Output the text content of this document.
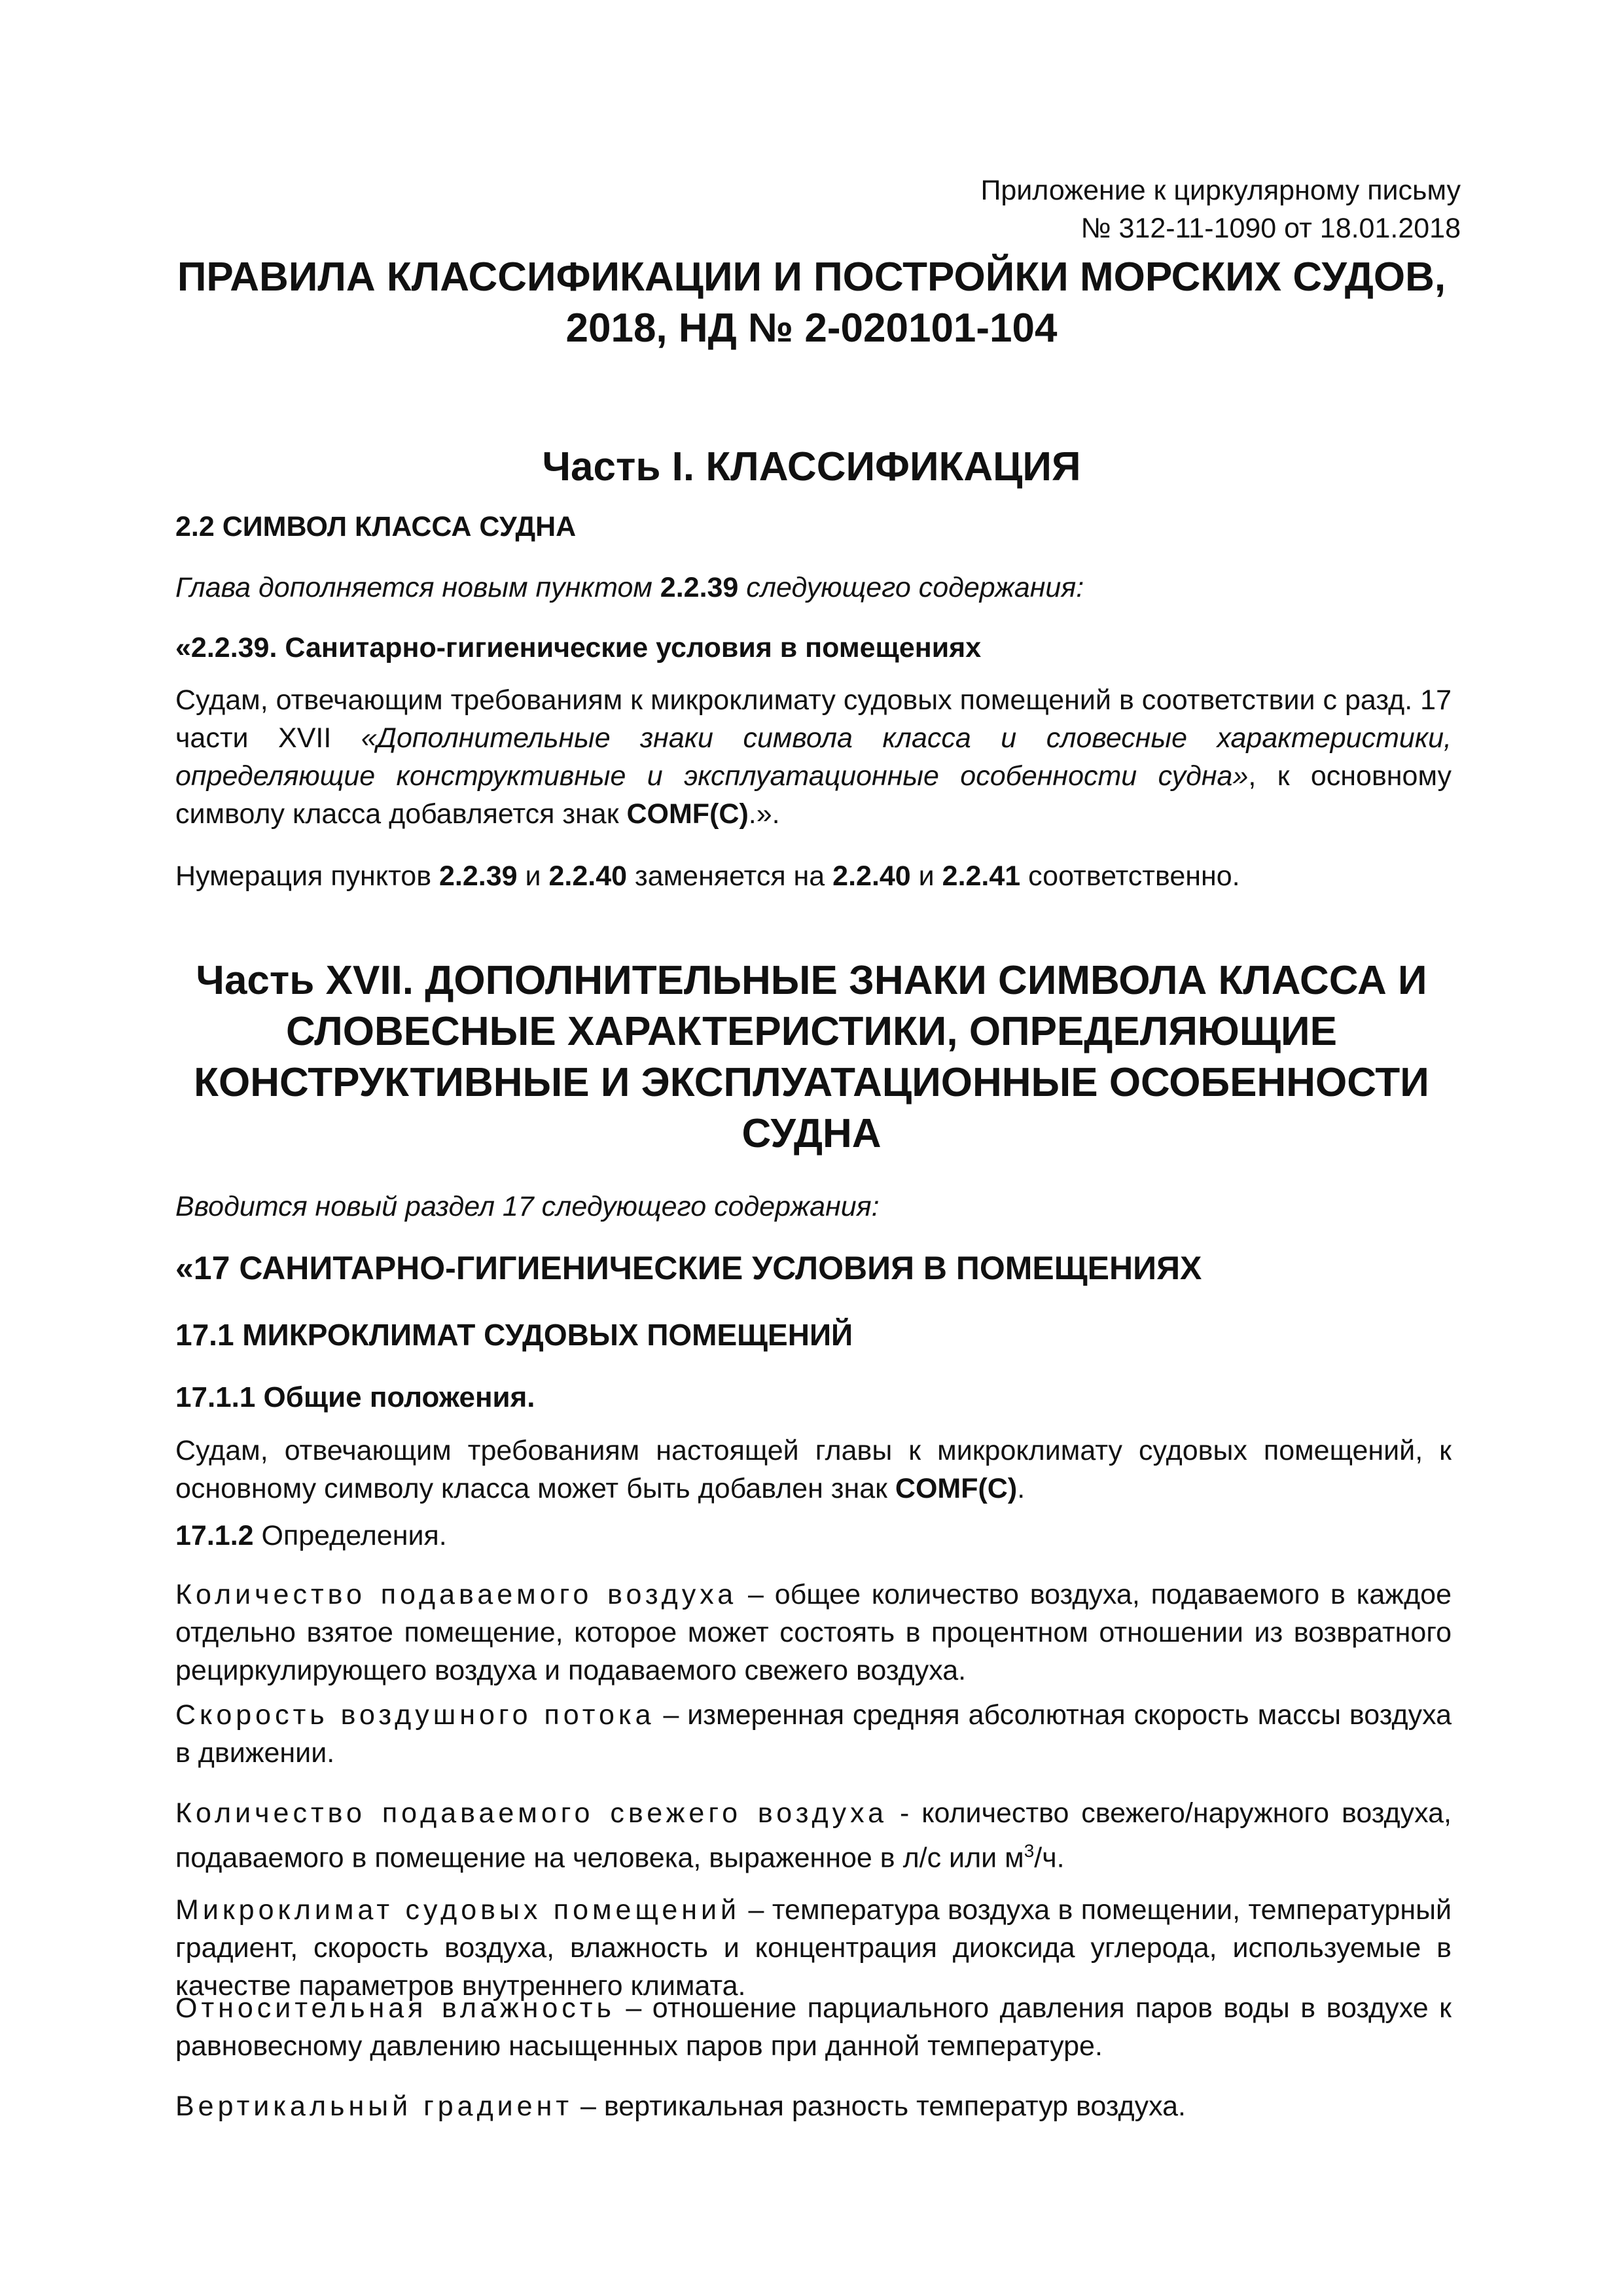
Приложение к циркулярному письму
№ 312-11-1090 от 18.01.2018
ПРАВИЛА КЛАССИФИКАЦИИ И ПОСТРОЙКИ МОРСКИХ СУДОВ,
2018, НД № 2-020101-104
Часть I. КЛАССИФИКАЦИЯ
2.2 СИМВОЛ КЛАССА СУДНА

Глава дополняется новым пунктом 2.2.39 следующего содержания:

«2.2.39. Санитарно-гигиенические условия в помещениях

Судам, отвечающим требованиям к микроклимату судовых помещений в соответствии с разд. 17 части XVII «Дополнительные знаки символа класса и словесные характеристики, определяющие конструктивные и эксплуатационные особенности судна», к основному символу класса добавляется знак COMF(C).».

Нумерация пунктов 2.2.39 и 2.2.40 заменяется на 2.2.40 и 2.2.41 соответственно.

Часть XVII. ДОПОЛНИТЕЛЬНЫЕ ЗНАКИ СИМВОЛА КЛАССА И
СЛОВЕСНЫЕ ХАРАКТЕРИСТИКИ, ОПРЕДЕЛЯЮЩИЕ
КОНСТРУКТИВНЫЕ И ЭКСПЛУАТАЦИОННЫЕ ОСОБЕННОСТИ
СУДНА

Вводится новый раздел 17 следующего содержания:

«17 САНИТАРНО-ГИГИЕНИЧЕСКИЕ УСЛОВИЯ В ПОМЕЩЕНИЯХ
17.1 МИКРОКЛИМАТ СУДОВЫХ ПОМЕЩЕНИЙ
17.1.1 Общие положения.

Судам, отвечающим требованиям настоящей главы к микроклимату судовых помещений, к основному символу класса может быть добавлен знак COMF(C).

17.1.2 Определения.

Количество подаваемого воздуха – общее количество воздуха, подаваемого в каждое отдельно взятое помещение, которое может состоять в процентном отношении из возвратного рециркулирующего воздуха и подаваемого свежего воздуха.

Скорость воздушного потока – измеренная средняя абсолютная скорость массы воздуха в движении.

Количество подаваемого свежего воздуха - количество свежего/наружного воздуха, подаваемого в помещение на человека, выраженное в л/с или $м^3/ч$.

Микроклимат судовых помещений – температура воздуха в помещении, температурный градиент, скорость воздуха, влажность и концентрация диоксида углерода, используемые в качестве параметров внутреннего климата.

Относительная влажность – отношение парциального давления паров воды в воздухе к равновесному давлению насыщенных паров при данной температуре.

Вертикальный градиент – вертикальная разность температур воздуха.
